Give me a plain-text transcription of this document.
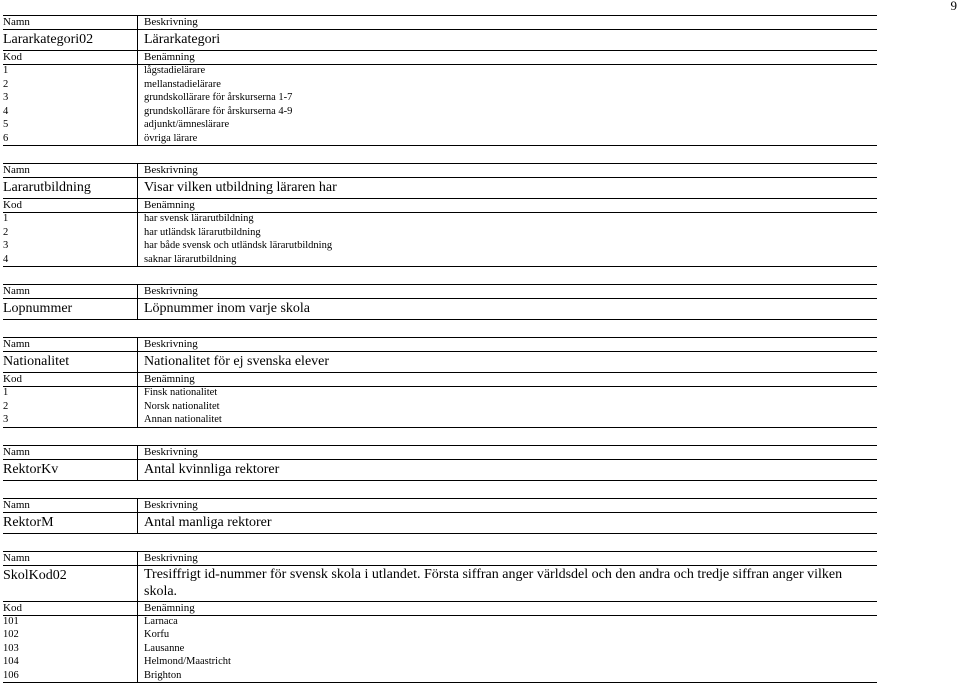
9
Namn	Beskrivning
Lararkategori02	Lärarkategori
Kod	Benämning
1	lågstadielärare
2	mellanstadielärare
3	grundskollärare för årskurserna 1-7
4	grundskollärare för årskurserna 4-9
5	adjunkt/ämneslärare
6	övriga lärare
Namn	Beskrivning
Lararutbildning	Visar vilken utbildning läraren har
Kod	Benämning
1	har svensk lärarutbildning
2	har utländsk lärarutbildning
3	har både svensk och utländsk lärarutbildning
4	saknar lärarutbildning
Namn	Beskrivning
Lopnummer	Löpnummer inom varje skola
Namn	Beskrivning
Nationalitet	Nationalitet för ej svenska elever
Kod	Benämning
1	Finsk nationalitet
2	Norsk nationalitet
3	Annan nationalitet
Namn	Beskrivning
RektorKv	Antal kvinnliga rektorer
Namn	Beskrivning
RektorM	Antal manliga rektorer
Namn	Beskrivning
SkolKod02	Tresiffrigt id-nummer för svensk skola i utlandet. Första siffran anger världsdel och den andra och tredje siffran anger vilken skola.
Kod	Benämning
101	Larnaca
102	Korfu
103	Lausanne
104	Helmond/Maastricht
106	Brighton
